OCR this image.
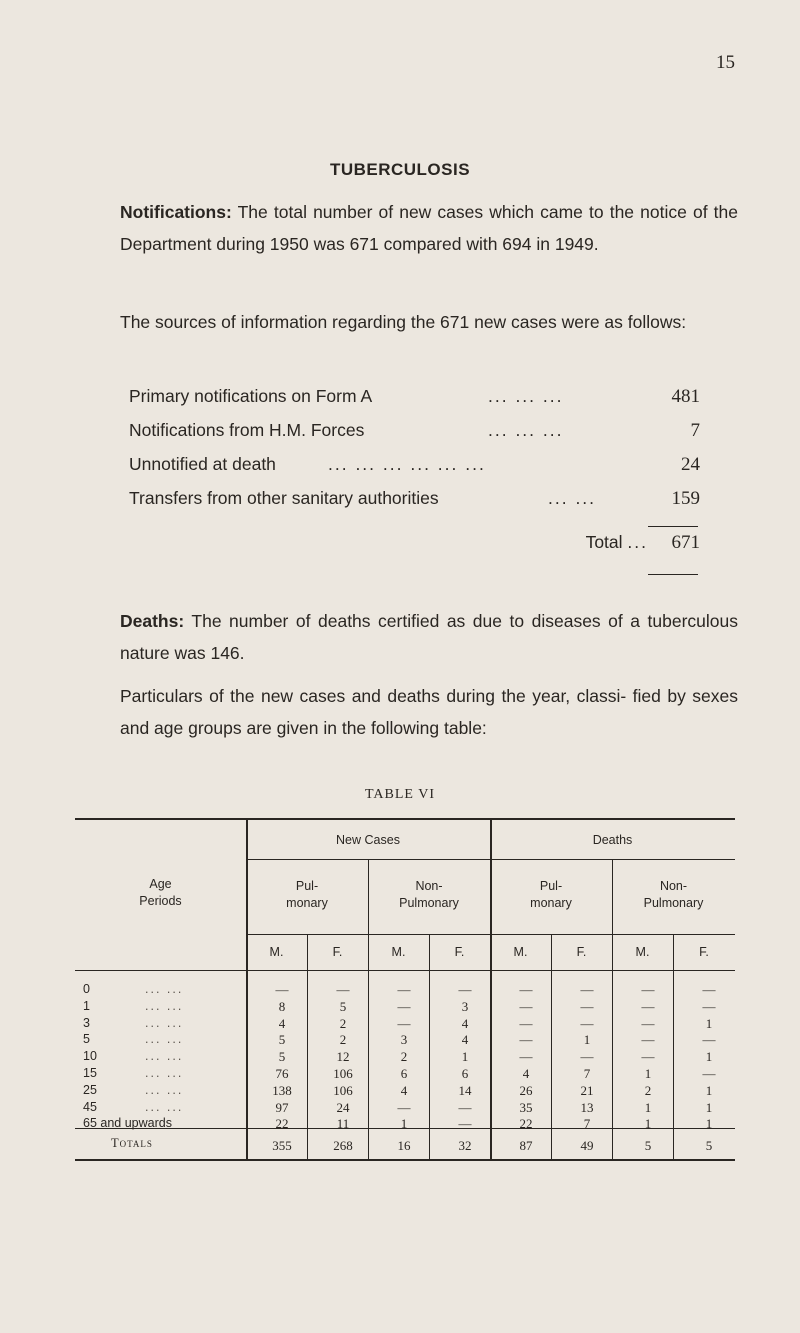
15
TUBERCULOSIS
Notifications: The total number of new cases which came to the notice of the Department during 1950 was 671 compared with 694 in 1949.
The sources of information regarding the 671 new cases were as follows:
Primary notifications on Form A	... ... ...	481
Notifications from H.M. Forces	... ... ...	7
Unnotified at death	... ... ... ... ... ...	24
Transfers from other sanitary authorities	... ...	159
Total ... 671
Deaths: The number of deaths certified as due to diseases of a tuberculous nature was 146.
Particulars of the new cases and deaths during the year, classi- fied by sexes and age groups are given in the following table:
TABLE VI
Age
Periods
New Cases	Deaths
Pul-
monary
Non-
Pulmonary
Pul-
monary
Non-
Pulmonary
M.	F.	M.	F.	M.	F.	M.	F.
0	... ...	—	—	—	—	—	—	—	—
1	... ...	8	5	—	3	—	—	—	—
3	... ...	4	2	—	4	—	—	—	1
5	... ...	5	2	3	4	—	1	—	—
10	... ...	5	12	2	1	—	—	—	1
15	... ...	76	106	6	6	4	7	1	—
25	... ...	138	106	4	14	26	21	2	1
45	... ...	97	24	—	—	35	13	1	1
65 and upwards	22	11	1	—	22	7	1	1
Totals	355	268	16	32	87	49	5	5
